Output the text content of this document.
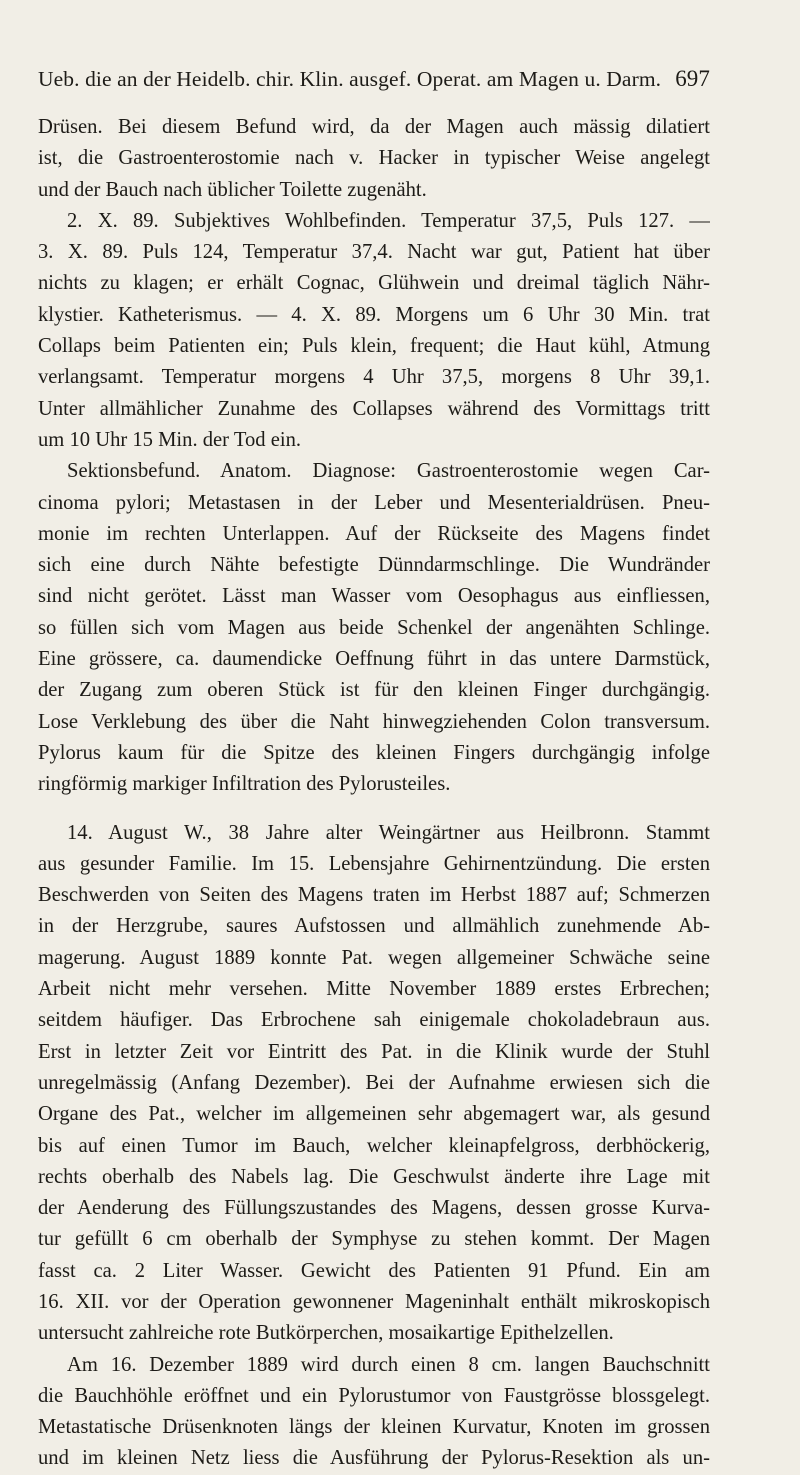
Ueb. die an der Heidelb. chir. Klin. ausgef. Operat. am Magen u. Darm. 697

Drüsen. Bei diesem Befund wird, da der Magen auch mässig dilatiert
ist, die Gastroenterostomie nach v. Hacker in typischer Weise angelegt
und der Bauch nach üblicher Toilette zugenäht.

2. X. 89. Subjektives Wohlbefinden. Temperatur 37,5, Puls 127. —
3. X. 89. Puls 124, Temperatur 37,4. Nacht war gut, Patient hat über
nichts zu klagen; er erhält Cognac, Glühwein und dreimal täglich Nähr-
klystier. Katheterismus. — 4. X. 89. Morgens um 6 Uhr 30 Min. trat
Collaps beim Patienten ein; Puls klein, frequent; die Haut kühl, Atmung
verlangsamt. Temperatur morgens 4 Uhr 37,5, morgens 8 Uhr 39,1.
Unter allmählicher Zunahme des Collapses während des Vormittags tritt
um 10 Uhr 15 Min. der Tod ein.

Sektionsbefund. Anatom. Diagnose: Gastroenterostomie wegen Car-
cinoma pylori; Metastasen in der Leber und Mesenterialdrüsen. Pneu-
monie im rechten Unterlappen. Auf der Rückseite des Magens findet
sich eine durch Nähte befestigte Dünndarmschlinge. Die Wundränder
sind nicht gerötet. Lässt man Wasser vom Oesophagus aus einfliessen,
so füllen sich vom Magen aus beide Schenkel der angenähten Schlinge.
Eine grössere, ca. daumendicke Oeffnung führt in das untere Darmstück,
der Zugang zum oberen Stück ist für den kleinen Finger durchgängig.
Lose Verklebung des über die Naht hinwegziehenden Colon transversum.
Pylorus kaum für die Spitze des kleinen Fingers durchgängig infolge
ringförmig markiger Infiltration des Pylorusteiles.

14. August W., 38 Jahre alter Weingärtner aus Heilbronn. Stammt
aus gesunder Familie. Im 15. Lebensjahre Gehirnentzündung. Die ersten
Beschwerden von Seiten des Magens traten im Herbst 1887 auf; Schmerzen
in der Herzgrube, saures Aufstossen und allmählich zunehmende Ab-
magerung. August 1889 konnte Pat. wegen allgemeiner Schwäche seine
Arbeit nicht mehr versehen. Mitte November 1889 erstes Erbrechen;
seitdem häufiger. Das Erbrochene sah einigemale chokoladebraun aus.
Erst in letzter Zeit vor Eintritt des Pat. in die Klinik wurde der Stuhl
unregelmässig (Anfang Dezember). Bei der Aufnahme erwiesen sich die
Organe des Pat., welcher im allgemeinen sehr abgemagert war, als gesund
bis auf einen Tumor im Bauch, welcher kleinapfelgross, derbhöckerig,
rechts oberhalb des Nabels lag. Die Geschwulst änderte ihre Lage mit
der Aenderung des Füllungszustandes des Magens, dessen grosse Kurva-
tur gefüllt 6 cm oberhalb der Symphyse zu stehen kommt. Der Magen
fasst ca. 2 Liter Wasser. Gewicht des Patienten 91 Pfund. Ein am
16. XII. vor der Operation gewonnener Mageninhalt enthält mikroskopisch
untersucht zahlreiche rote Butkörperchen, mosaikartige Epithelzellen.

Am 16. Dezember 1889 wird durch einen 8 cm. langen Bauchschnitt
die Bauchhöhle eröffnet und ein Pylorustumor von Faustgrösse blossgelegt.
Metastatische Drüsenknoten längs der kleinen Kurvatur, Knoten im grossen
und im kleinen Netz liess die Ausführung der Pylorus-Resektion als un-
